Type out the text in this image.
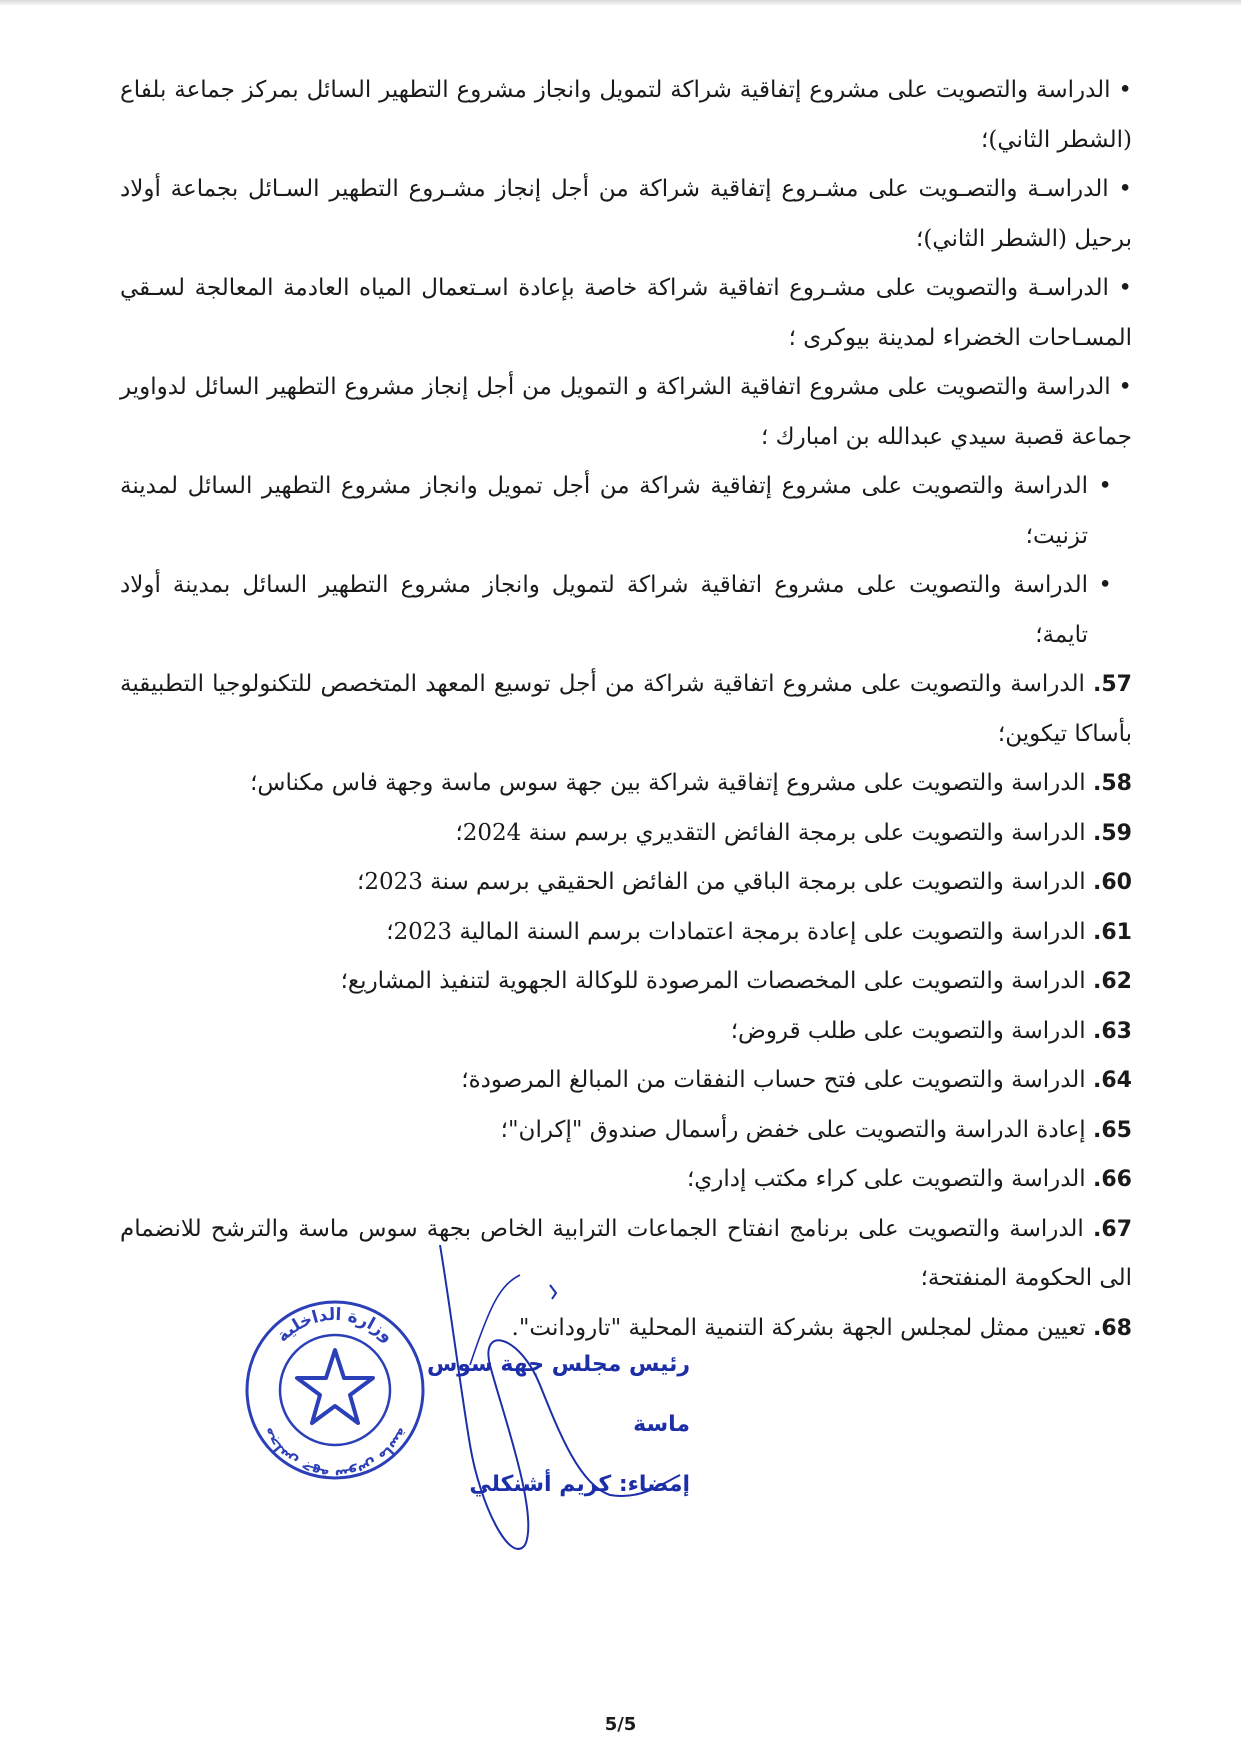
• الدراسة والتصويت على مشروع إتفاقية شراكة لتمويل وانجاز مشروع التطهير السائل بمركز جماعة بلفاع (الشطر الثاني)؛

• الدراسـة والتصـويت على مشـروع إتفاقية شراكة من أجل إنجاز مشـروع التطهير السـائل بجماعة أولاد برحيل (الشطر الثاني)؛

• الدراسـة والتصويت على مشـروع اتفاقية شراكة خاصة بإعادة اسـتعمال المياه العادمة المعالجة لسـقي المسـاحات الخضراء لمدينة بيوكرى ؛

• الدراسة والتصويت على مشروع اتفاقية الشراكة و التمويل من أجل إنجاز مشروع التطهير السائل لدواوير جماعة قصبة سيدي عبدالله بن امبارك ؛

• الدراسة والتصويت على مشروع إتفاقية شراكة من أجل تمويل وانجاز مشروع التطهير السائل لمدينة تزنيت؛

• الدراسة والتصويت على مشروع اتفاقية شراكة لتمويل وانجاز مشروع التطهير السائل بمدينة أولاد تايمة؛

57. الدراسة والتصويت على مشروع اتفاقية شراكة من أجل توسيع المعهد المتخصص للتكنولوجيا التطبيقية بأساكا تيكوين؛

58. الدراسة والتصويت على مشروع إتفاقية شراكة بين جهة سوس ماسة وجهة فاس مكناس؛

59. الدراسة والتصويت على برمجة الفائض التقديري برسم سنة 2024؛

60. الدراسة والتصويت على برمجة الباقي من الفائض الحقيقي برسم سنة 2023؛

61. الدراسة والتصويت على إعادة برمجة اعتمادات برسم السنة المالية 2023؛

62. الدراسة والتصويت على المخصصات المرصودة للوكالة الجهوية لتنفيذ المشاريع؛

63. الدراسة والتصويت على طلب قروض؛

64. الدراسة والتصويت على فتح حساب النفقات من المبالغ المرصودة؛

65. إعادة الدراسة والتصويت على خفض رأسمال صندوق "إكران"؛

66. الدراسة والتصويت على كراء مكتب إداري؛

67. الدراسة والتصويت على برنامج انفتاح الجماعات الترابية الخاص بجهة سوس ماسة والترشح للانضمام الى الحكومة المنفتحة؛

68. تعيين ممثل لمجلس الجهة بشركة التنمية المحلية "تارودانت".

وزارة الداخلية
مجلس جهة سوس ماسة
رئيس مجلس جهة سوس ماسة
إمضاء: كريم أشنكلي
5/5
